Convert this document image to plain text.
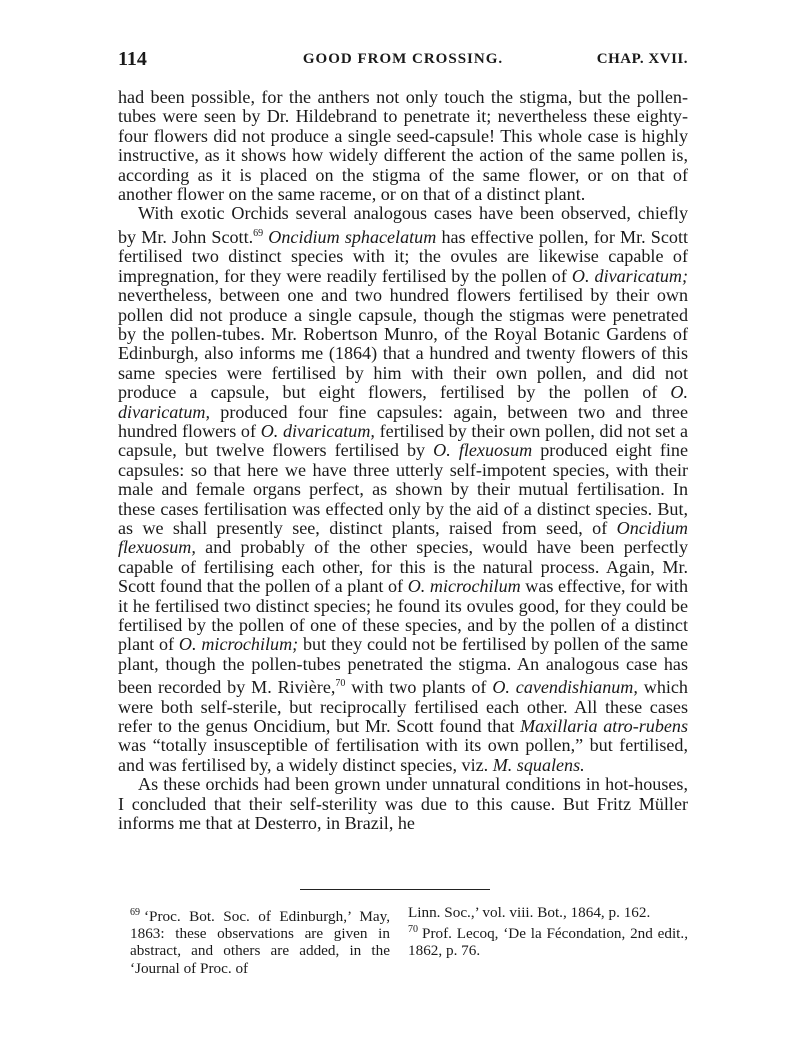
114	GOOD FROM CROSSING.	CHAP. XVII.

had been possible, for the anthers not only touch the stigma, but the pollen-tubes were seen by Dr. Hildebrand to penetrate it; nevertheless these eighty-four flowers did not produce a single seed-capsule! This whole case is highly instructive, as it shows how widely different the action of the same pollen is, according as it is placed on the stigma of the same flower, or on that of another flower on the same raceme, or on that of a distinct plant.

With exotic Orchids several analogous cases have been observed, chiefly by Mr. John Scott.$^{69}$ Oncidium sphacelatum has effective pollen, for Mr. Scott fertilised two distinct species with it; the ovules are likewise capable of impregnation, for they were readily fertilised by the pollen of O. divaricatum; nevertheless, between one and two hundred flowers fertilised by their own pollen did not produce a single capsule, though the stigmas were penetrated by the pollen-tubes. Mr. Robertson Munro, of the Royal Botanic Gardens of Edinburgh, also informs me (1864) that a hundred and twenty flowers of this same species were fertilised by him with their own pollen, and did not produce a capsule, but eight flowers, fertilised by the pollen of O. divaricatum, produced four fine capsules: again, between two and three hundred flowers of O. divaricatum, fertilised by their own pollen, did not set a capsule, but twelve flowers fertilised by O. flexuosum produced eight fine capsules: so that here we have three utterly self-impotent species, with their male and female organs perfect, as shown by their mutual fertilisation. In these cases fertilisation was effected only by the aid of a distinct species. But, as we shall presently see, distinct plants, raised from seed, of Oncidium flexuosum, and probably of the other species, would have been perfectly capable of fertilising each other, for this is the natural process. Again, Mr. Scott found that the pollen of a plant of O. microchilum was effective, for with it he fertilised two distinct species; he found its ovules good, for they could be fertilised by the pollen of one of these species, and by the pollen of a distinct plant of O. microchilum; but they could not be fertilised by pollen of the same plant, though the pollen-tubes penetrated the stigma. An analogous case has been recorded by M. Rivière,$^{70}$ with two plants of O. cavendishianum, which were both self-sterile, but reciprocally fertilised each other. All these cases refer to the genus Oncidium, but Mr. Scott found that Maxillaria atro-rubens was “totally insusceptible of fertilisation with its own pollen,” but fertilised, and was fertilised by, a widely distinct species, viz. M. squalens.

As these orchids had been grown under unnatural conditions in hot-houses, I concluded that their self-sterility was due to this cause. But Fritz Müller informs me that at Desterro, in Brazil, he

$^{69}$ ‘Proc. Bot. Soc. of Edinburgh,’ May, 1863: these observations are given in abstract, and others are added, in the ‘Journal of Proc. of

Linn. Soc.,’ vol. viii. Bot., 1864, p. 162.

$^{70}$ Prof. Lecoq, ‘De la Fécondation, 2nd edit., 1862, p. 76.
